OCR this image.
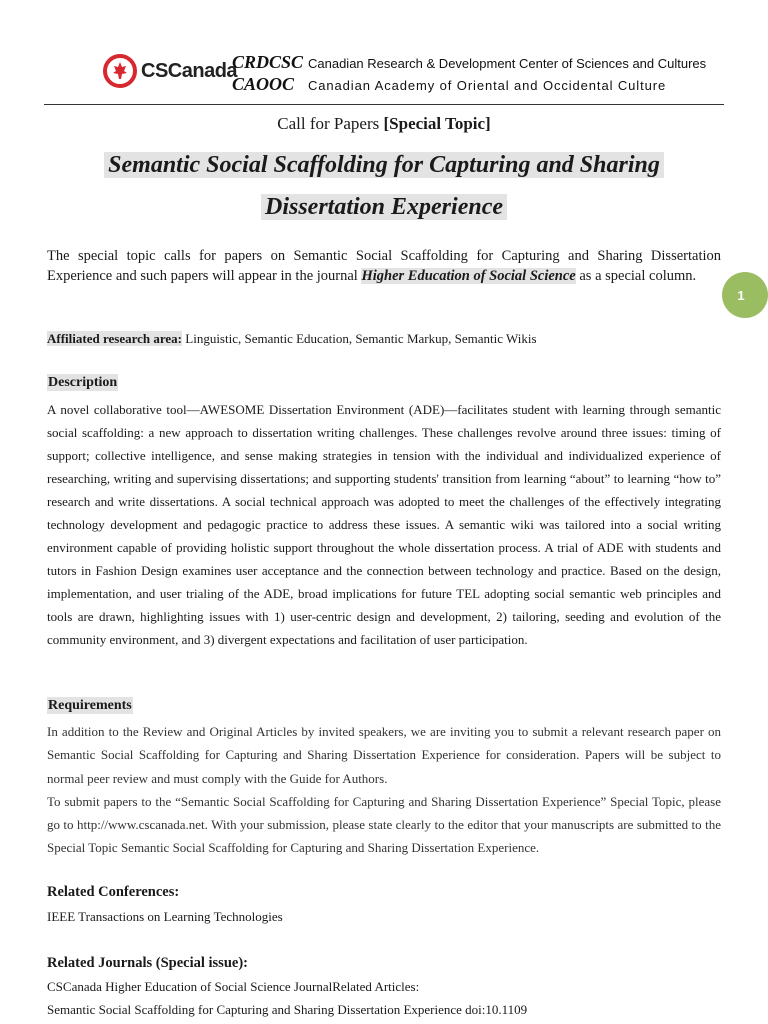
CSCanada
CRDCSC Canadian Research & Development Center of Sciences and Cultures
CAOOC	Canadian Academy of Oriental and Occidental Culture
Call for Papers [Special Topic]
Semantic Social Scaffolding for Capturing and Sharing
Dissertation Experience
The special topic calls for papers on Semantic Social Scaffolding for Capturing and Sharing Dissertation Experience and such papers will appear in the journal Higher Education of Social Science as a special column.
1
Affiliated research area: Linguistic, Semantic Education, Semantic Markup, Semantic Wikis
Description
A novel collaborative tool—AWESOME Dissertation Environment (ADE)—facilitates student with learning through semantic social scaffolding: a new approach to dissertation writing challenges. These challenges revolve around three issues: timing of support; collective intelligence, and sense making strategies in tension with the individual and individualized experience of researching, writing and supervising dissertations; and supporting students' transition from learning “about” to learning “how to” research and write dissertations. A social technical approach was adopted to meet the challenges of the effectively integrating technology development and pedagogic practice to address these issues. A semantic wiki was tailored into a social writing environment capable of providing holistic support throughout the whole dissertation process. A trial of ADE with students and tutors in Fashion Design examines user acceptance and the connection between technology and practice. Based on the design, implementation, and user trialing of the ADE, broad implications for future TEL adopting social semantic web principles and tools are drawn, highlighting issues with 1) user-centric design and development, 2) tailoring, seeding and evolution of the community environment, and 3) divergent expectations and facilitation of user participation.
Requirements

In addition to the Review and Original Articles by invited speakers, we are inviting you to submit a relevant research paper on Semantic Social Scaffolding for Capturing and Sharing Dissertation Experience for consideration. Papers will be subject to normal peer review and must comply with the Guide for Authors.

To submit papers to the “Semantic Social Scaffolding for Capturing and Sharing Dissertation Experience” Special Topic, please go to http://www.cscanada.net. With your submission, please state clearly to the editor that your manuscripts are submitted to the Special Topic Semantic Social Scaffolding for Capturing and Sharing Dissertation Experience.

Related Conferences:
IEEE Transactions on Learning Technologies
Related Journals (Special issue):
CSCanada Higher Education of Social Science JournalRelated Articles:
Semantic Social Scaffolding for Capturing and Sharing Dissertation Experience doi:10.1109
